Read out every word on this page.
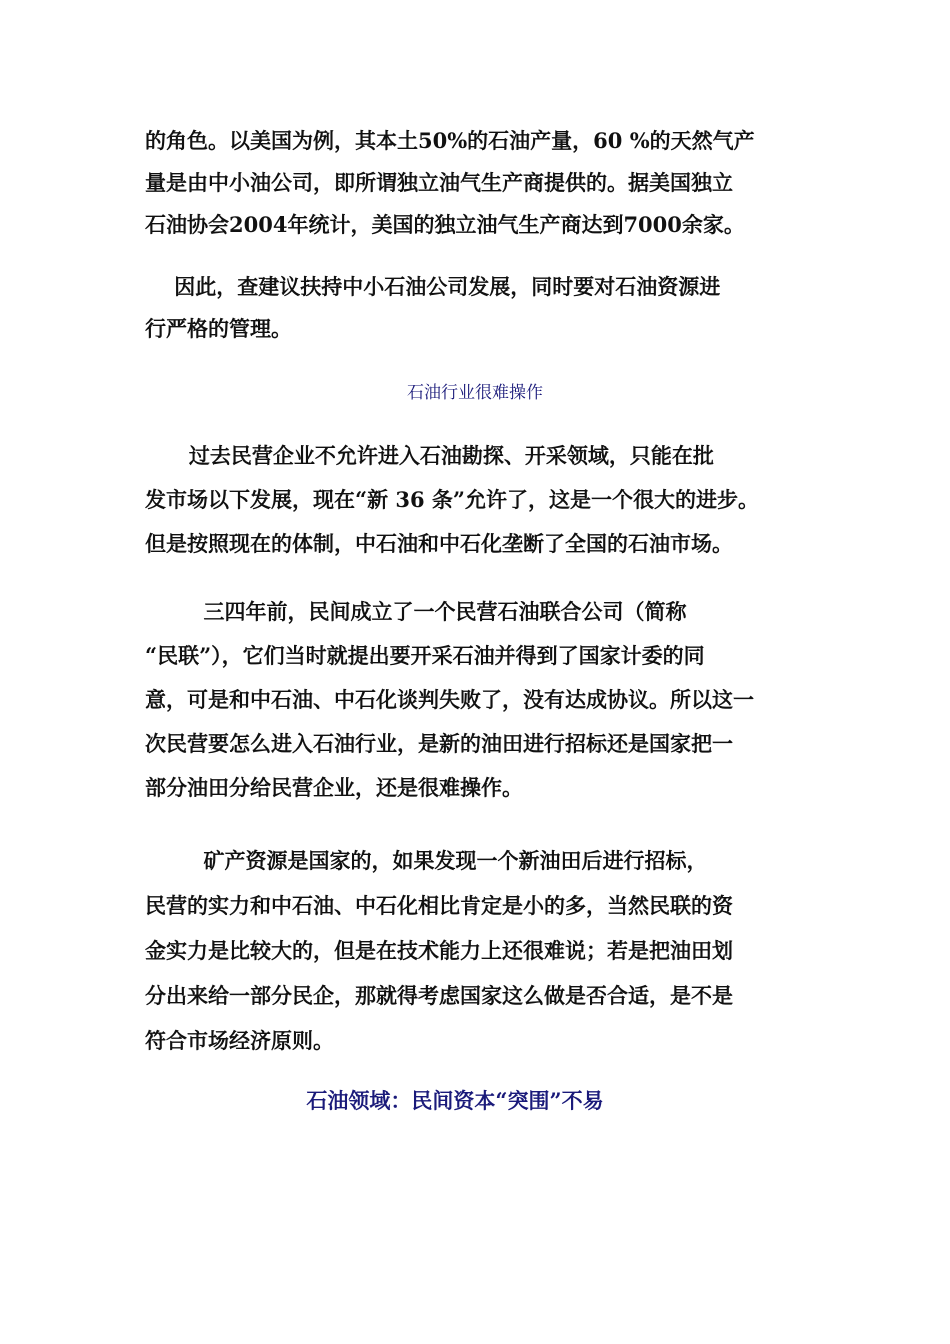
的角色。以美国为例，其本土50%的石油产量，60 %的天然气产
量是由中小油公司，即所谓独立油气生产商提供的。据美国独立
石油协会2004年统计，美国的独立油气生产商达到7000余家。
因此，查建议扶持中小石油公司发展，同时要对石油资源进
行严格的管理。
石油行业很难操作
过去民营企业不允许进入石油勘探、开采领域，只能在批
发市场以下发展，现在“新 36 条”允许了，这是一个很大的进步。
但是按照现在的体制，中石油和中石化垄断了全国的石油市场。
三四年前，民间成立了一个民营石油联合公司（简称
“民联”），它们当时就提出要开采石油并得到了国家计委的同
意，可是和中石油、中石化谈判失败了，没有达成协议。所以这一
次民营要怎么进入石油行业，是新的油田进行招标还是国家把一
部分油田分给民营企业，还是很难操作。
矿产资源是国家的，如果发现一个新油田后进行招标，
民营的实力和中石油、中石化相比肯定是小的多，当然民联的资
金实力是比较大的，但是在技术能力上还很难说；若是把油田划
分出来给一部分民企，那就得考虑国家这么做是否合适，是不是
符合市场经济原则。
石油领域：民间资本“突围”不易
